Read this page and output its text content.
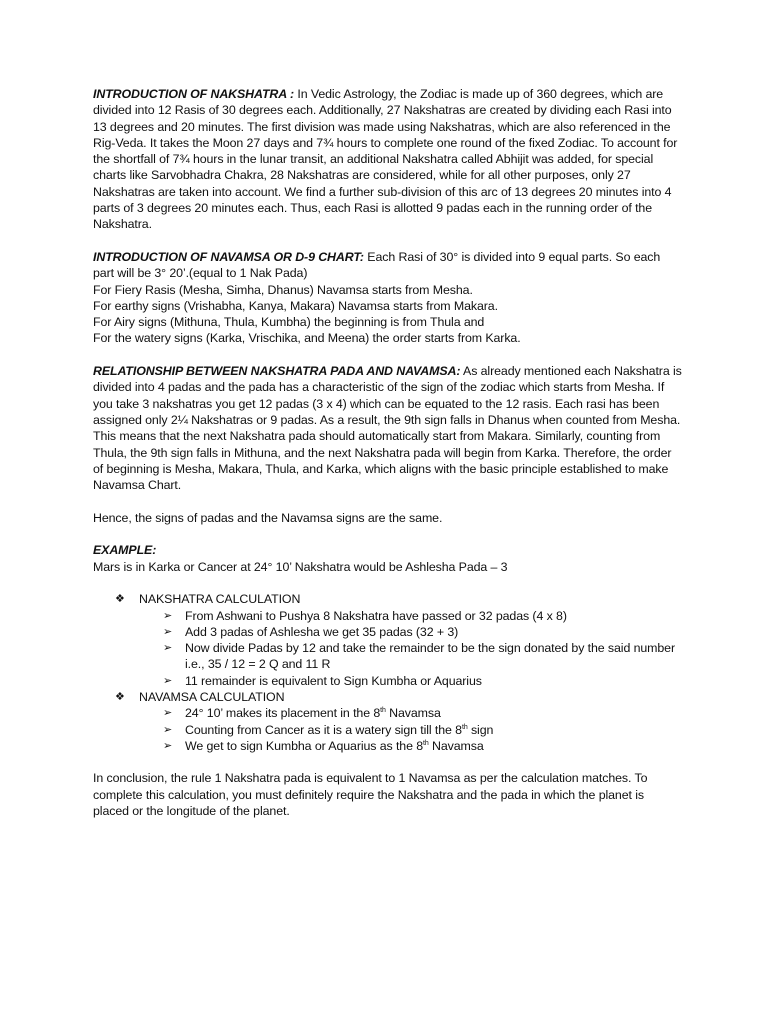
INTRODUCTION OF NAKSHATRA : In Vedic Astrology, the Zodiac is made up of 360 degrees, which are divided into 12 Rasis of 30 degrees each. Additionally, 27 Nakshatras are created by dividing each Rasi into 13 degrees and 20 minutes. The first division was made using Nakshatras, which are also referenced in the Rig-Veda. It takes the Moon 27 days and 7¾ hours to complete one round of the fixed Zodiac. To account for the shortfall of 7¾ hours in the lunar transit, an additional Nakshatra called Abhijit was added, for special charts like Sarvobhadra Chakra, 28 Nakshatras are considered, while for all other purposes, only 27 Nakshatras are taken into account. We find a further sub-division of this arc of 13 degrees 20 minutes into 4 parts of 3 degrees 20 minutes each. Thus, each Rasi is allotted 9 padas each in the running order of the Nakshatra.

INTRODUCTION OF NAVAMSA OR D-9 CHART: Each Rasi of 30° is divided into 9 equal parts. So each part will be 3° 20’.(equal to 1 Nak Pada)
For Fiery Rasis (Mesha, Simha, Dhanus) Navamsa starts from Mesha.
For earthy signs (Vrishabha, Kanya, Makara) Navamsa starts from Makara.
For Airy signs (Mithuna, Thula, Kumbha) the beginning is from Thula and
For the watery signs (Karka, Vrischika, and Meena) the order starts from Karka.

RELATIONSHIP BETWEEN NAKSHATRA PADA AND NAVAMSA: As already mentioned each Nakshatra is divided into 4 padas and the pada has a characteristic of the sign of the zodiac which starts from Mesha. If you take 3 nakshatras you get 12 padas (3 x 4) which can be equated to the 12 rasis. Each rasi has been assigned only 2¼ Nakshatras or 9 padas. As a result, the 9th sign falls in Dhanus when counted from Mesha. This means that the next Nakshatra pada should automatically start from Makara. Similarly, counting from Thula, the 9th sign falls in Mithuna, and the next Nakshatra pada will begin from Karka. Therefore, the order of beginning is Mesha, Makara, Thula, and Karka, which aligns with the basic principle established to make Navamsa Chart.

Hence, the signs of padas and the Navamsa signs are the same.

EXAMPLE:
Mars is in Karka or Cancer at 24° 10’ Nakshatra would be Ashlesha Pada – 3
❖ NAKSHATRA CALCULATION
➢ From Ashwani to Pushya 8 Nakshatra have passed or 32 padas (4 x 8)
➢ Add 3 padas of Ashlesha we get 35 padas (32 + 3)
➢ Now divide Padas by 12 and take the remainder to be the sign donated by the said number i.e., 35 / 12 = 2 Q and 11 R
➢ 11 remainder is equivalent to Sign Kumbha or Aquarius
❖ NAVAMSA CALCULATION
➢ 24° 10’ makes its placement in the 8th Navamsa
➢ Counting from Cancer as it is a watery sign till the 8th sign
➢ We get to sign Kumbha or Aquarius as the 8th Navamsa

In conclusion, the rule 1 Nakshatra pada is equivalent to 1 Navamsa as per the calculation matches. To complete this calculation, you must definitely require the Nakshatra and the pada in which the planet is placed or the longitude of the planet.
